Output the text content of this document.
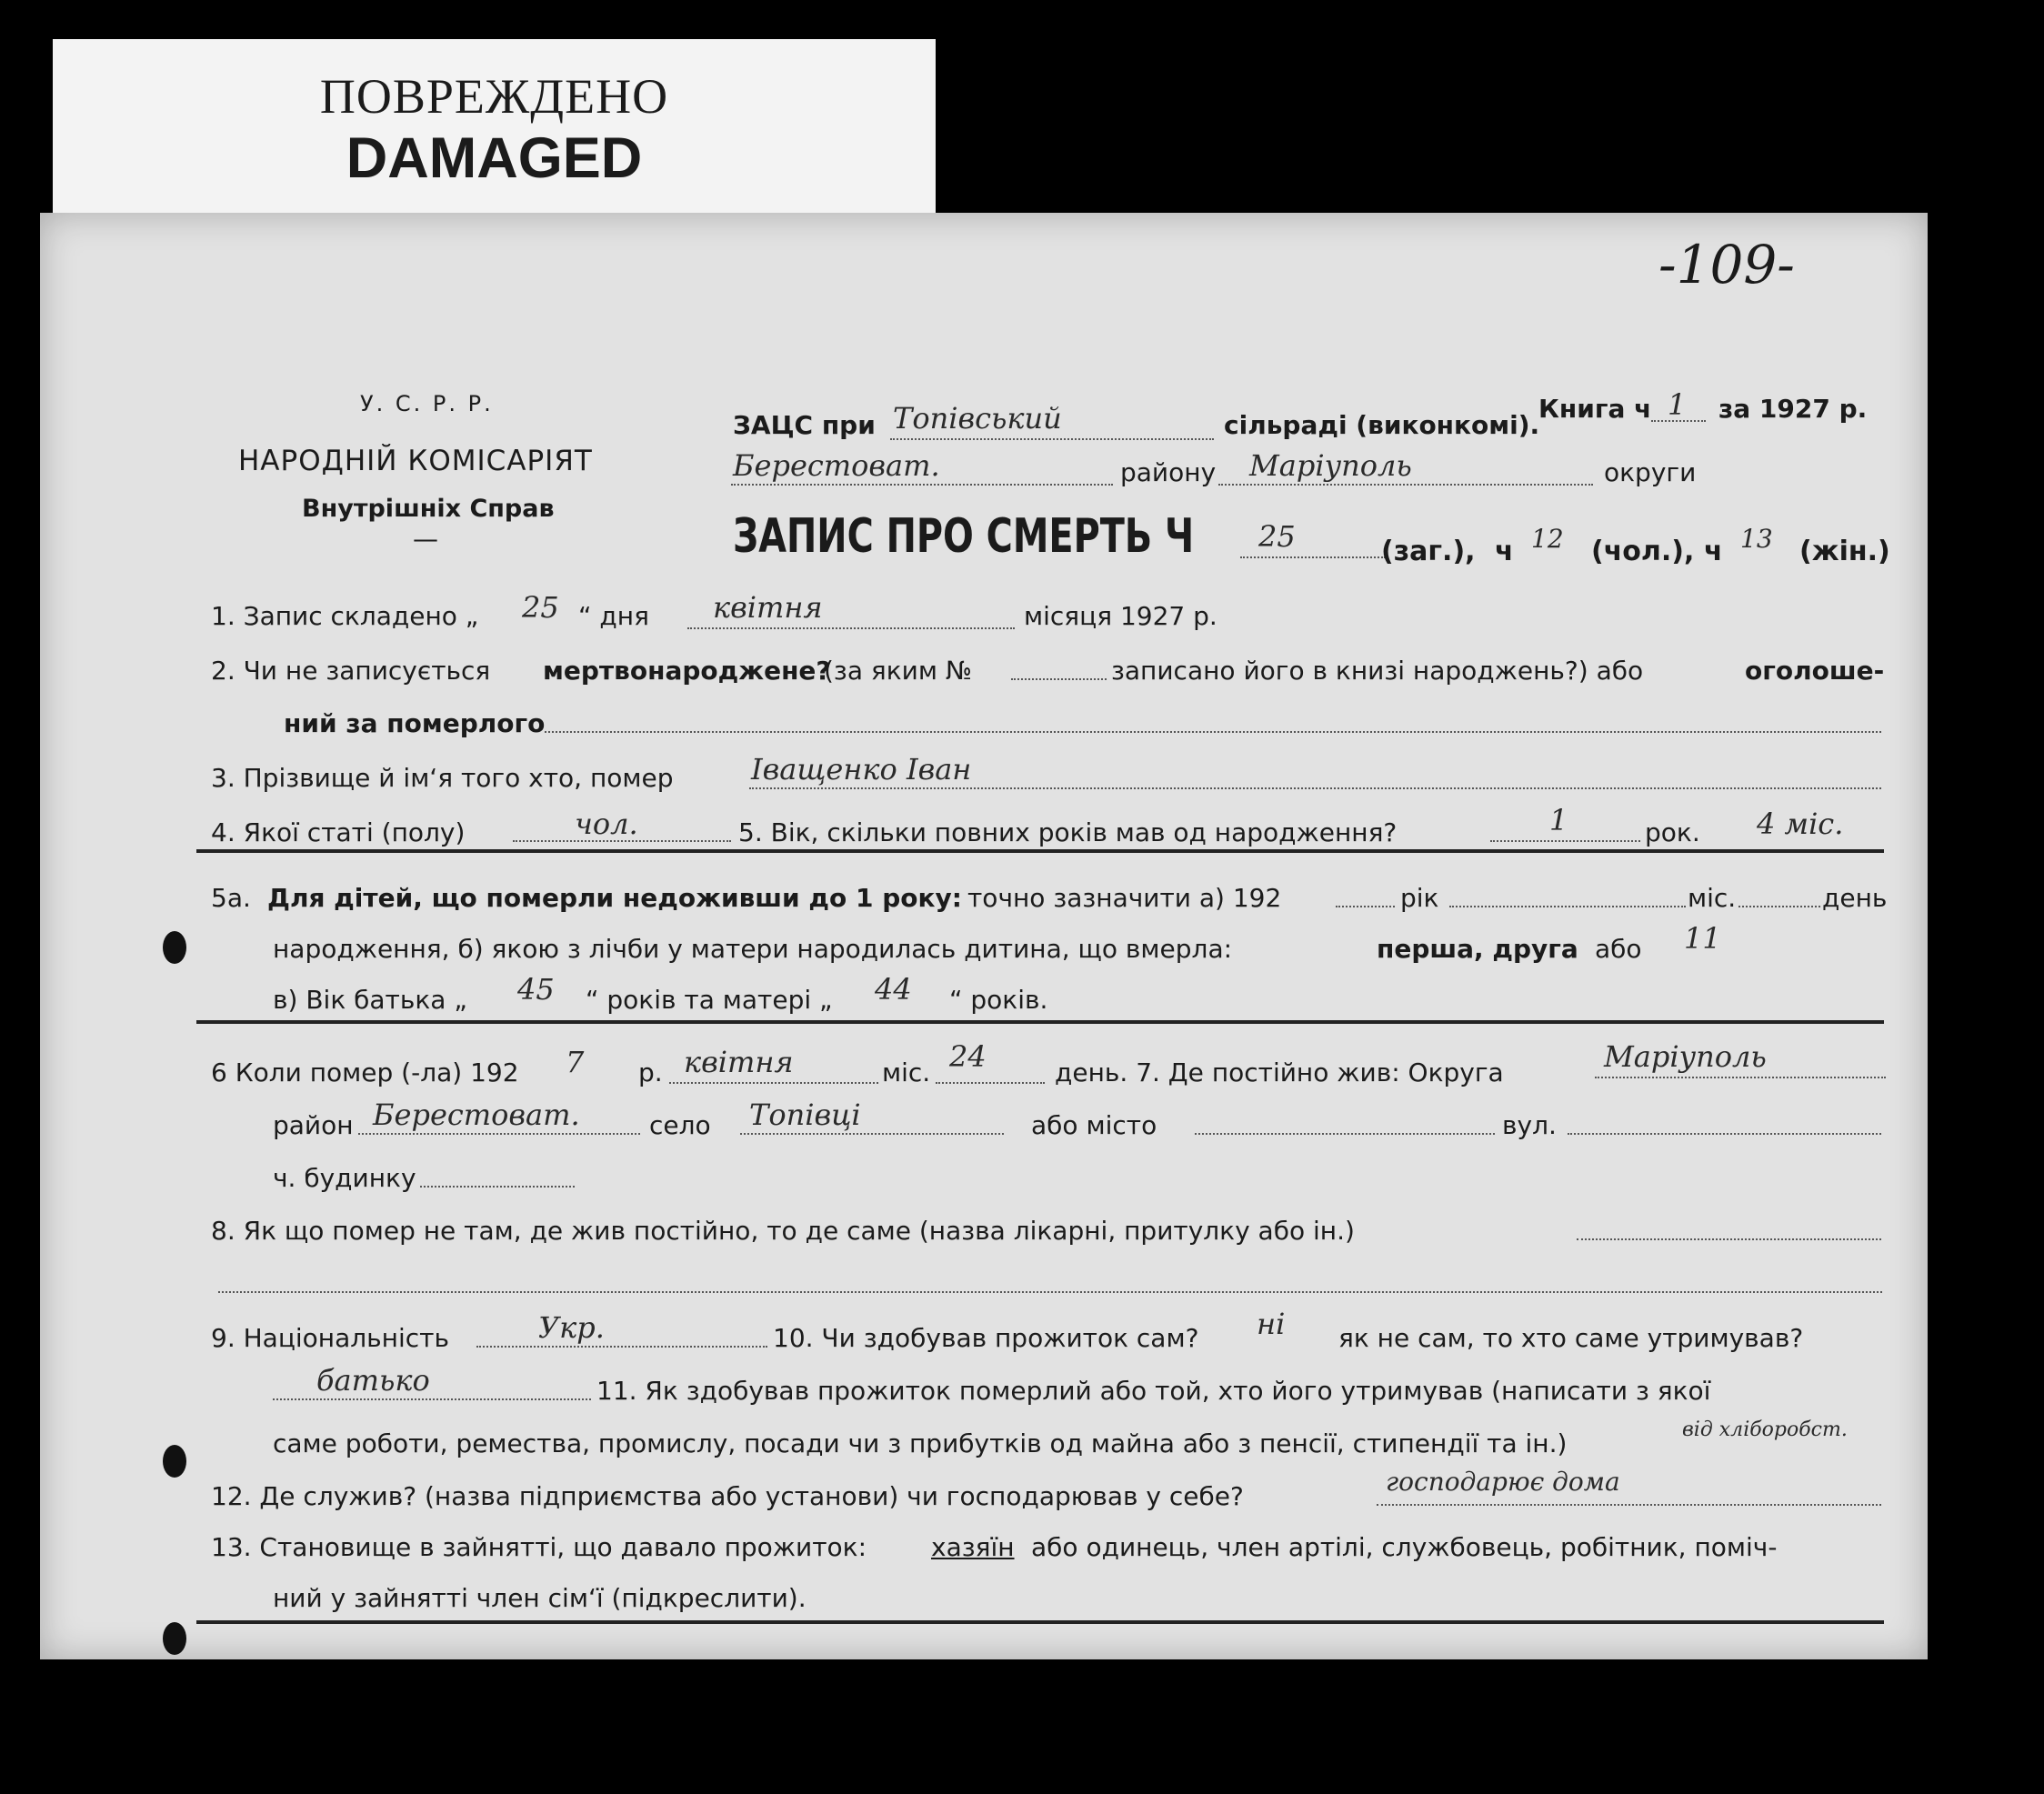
ПОВРЕЖДЕНО
DAMAGED
-109-
У. С. Р. Р.
НАРОДНІЙ КОМІСАРІЯТ
Внутрішніх Справ
—
ЗАЦС при Топівський	сільраді (виконкомі).
Книга ч 1 за 1927 р.
Берестоват.	району Маріуполь	округи
ЗАПИС ПРО СМЕРТЬ Ч 25	(заг.), ч 12 (чол.), ч 13 (жін.)
1. Запис складено „ 25 “ дня квітня	місяця 1927 р.
2. Чи не записується мертвонароджене?
(за яким №	записано його в книзі народжень?) або	оголоше-
ний за померлого
3. Прізвище й ім‘я того хто, помер	Іващенко Іван
4. Якої статі (полу)	чол.	5. Вік, скільки повних років мав од народження?	1	рок. 4 міс.
5а. Для дітей, що померли недоживши до 1 року: точно зазначити а) 192	рік	міс.	день
народження, б) якою з лічби у матери народилась дитина, що вмерла:	перша, друга або 11
в) Вік батька „ 45 “ років та матері „ 44 “ років.
6 Коли помер (-ла) 192 7 р. квітня	міс. 24	день. 7. Де постійно жив: Округа	Маріуполь
район Берестоват.	село Топівці	або місто	вул.
ч. будинку
8. Як що помер не там, де жив постійно, то де саме (назва лікарні, притулку або ін.)
9. Національність	Укр.	10. Чи здобував прожиток сам? ні як не сам, то хто саме утримував?
батько	11. Як здобував прожиток померлий або той, хто його утримував (написати з якої
саме роботи, ремества, промислу, посади чи з прибутків од майна або з пенсії, стипендії та ін.)	від хліборобст.
12. Де служив? (назва підприємства або установи) чи господарював у себе?	господарює дома
13. Становище в зайнятті, що давало прожиток:	хазяїн або одинець, член артілі, службовець, робітник, поміч-
ний у зайнятті член сім‘ї (підкреслити).
